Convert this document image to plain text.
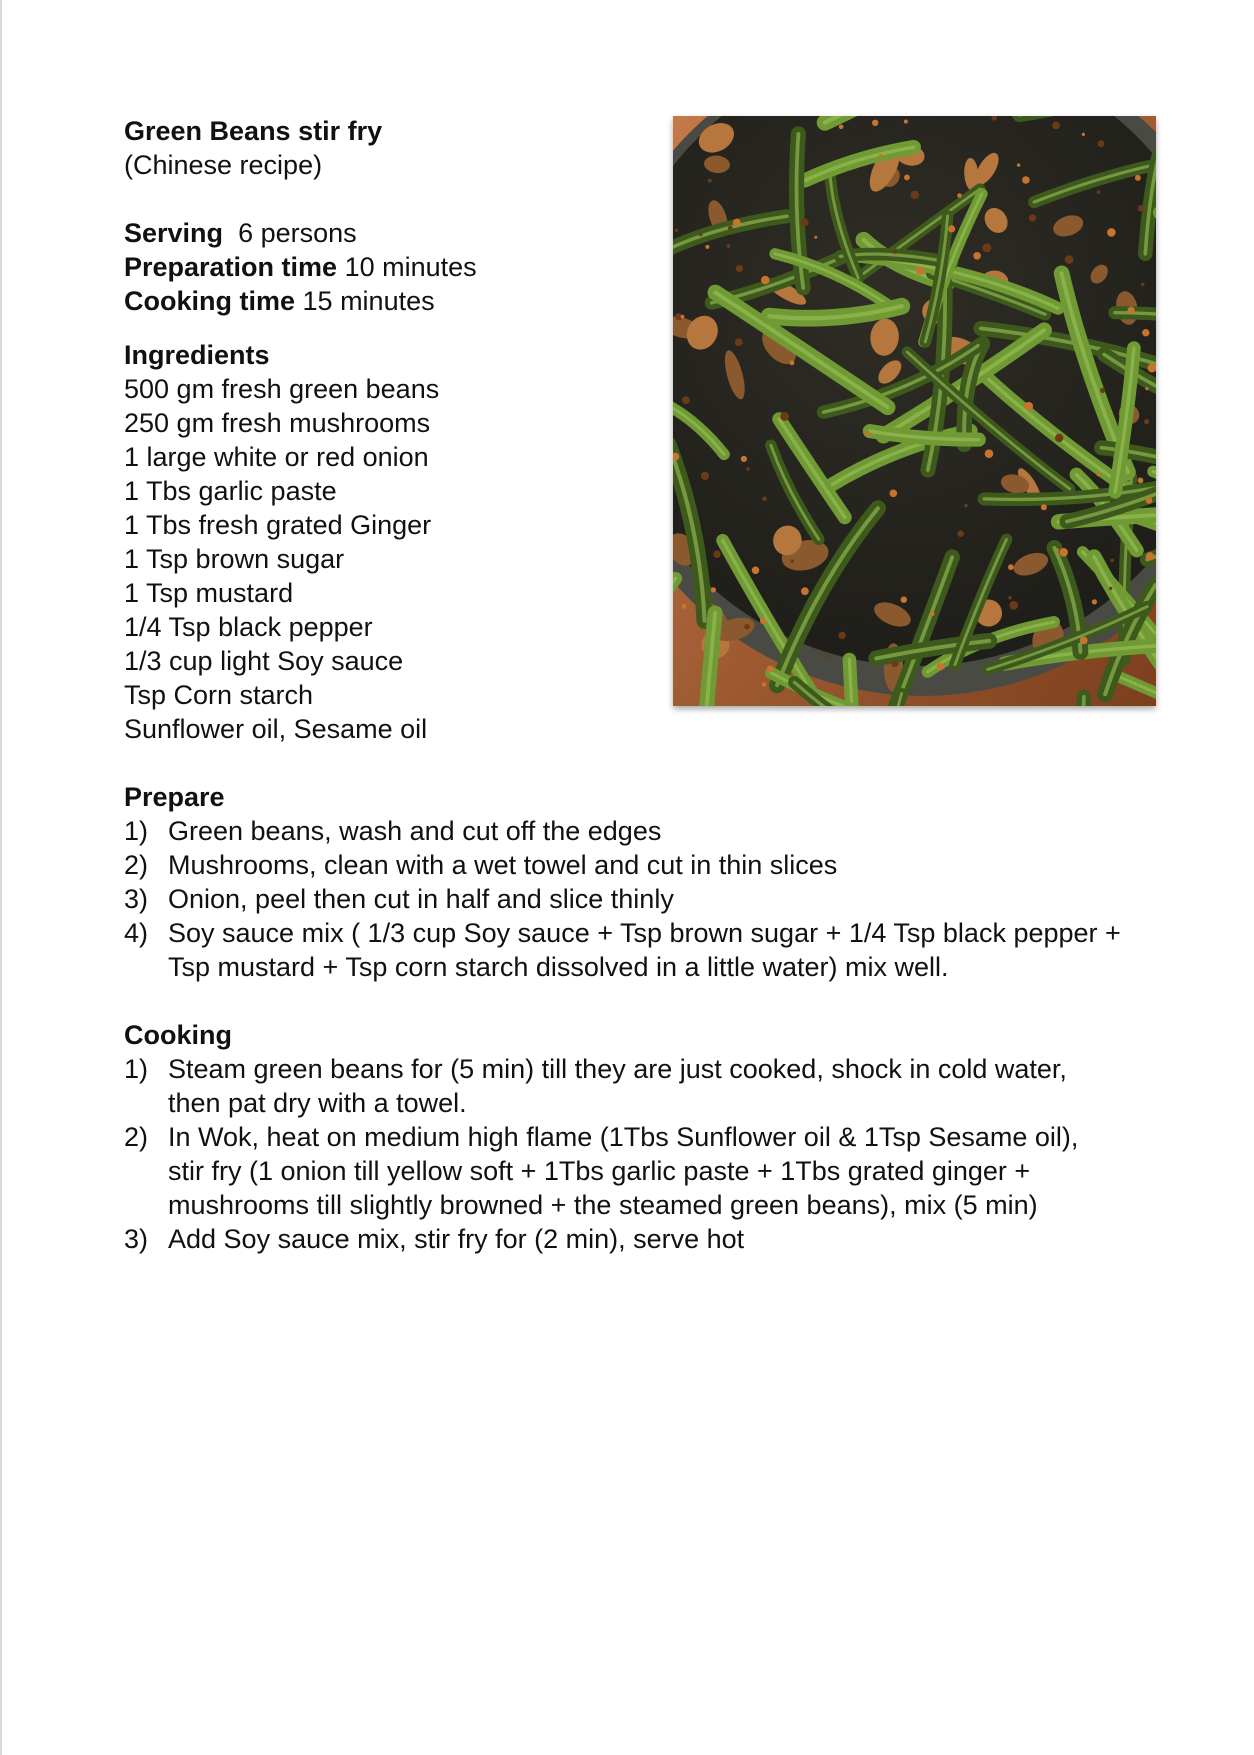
Green Beans stir fry
(Chinese recipe)
Serving 6 persons
Preparation time 10 minutes
Cooking time 15 minutes
Ingredients
500 gm fresh green beans
250 gm fresh mushrooms
1 large white or red onion
1 Tbs garlic paste
1 Tbs fresh grated Ginger
1 Tsp brown sugar
1 Tsp mustard
1/4 Tsp black pepper
1/3 cup light Soy sauce
Tsp Corn starch
Sunflower oil, Sesame oil
Prepare
1) Green beans, wash and cut off the edges
2) Mushrooms, clean with a wet towel and cut in thin slices
3) Onion, peel then cut in half and slice thinly
4) Soy sauce mix ( 1/3 cup Soy sauce + Tsp brown sugar + 1/4 Tsp black pepper +
Tsp mustard + Tsp corn starch dissolved in a little water) mix well.
Cooking
1) Steam green beans for (5 min) till they are just cooked, shock in cold water,
then pat dry with a towel.
2) In Wok, heat on medium high flame (1Tbs Sunflower oil & 1Tsp Sesame oil),
stir fry (1 onion till yellow soft + 1Tbs garlic paste + 1Tbs grated ginger +
mushrooms till slightly browned + the steamed green beans), mix (5 min)
3) Add Soy sauce mix, stir fry for (2 min), serve hot
